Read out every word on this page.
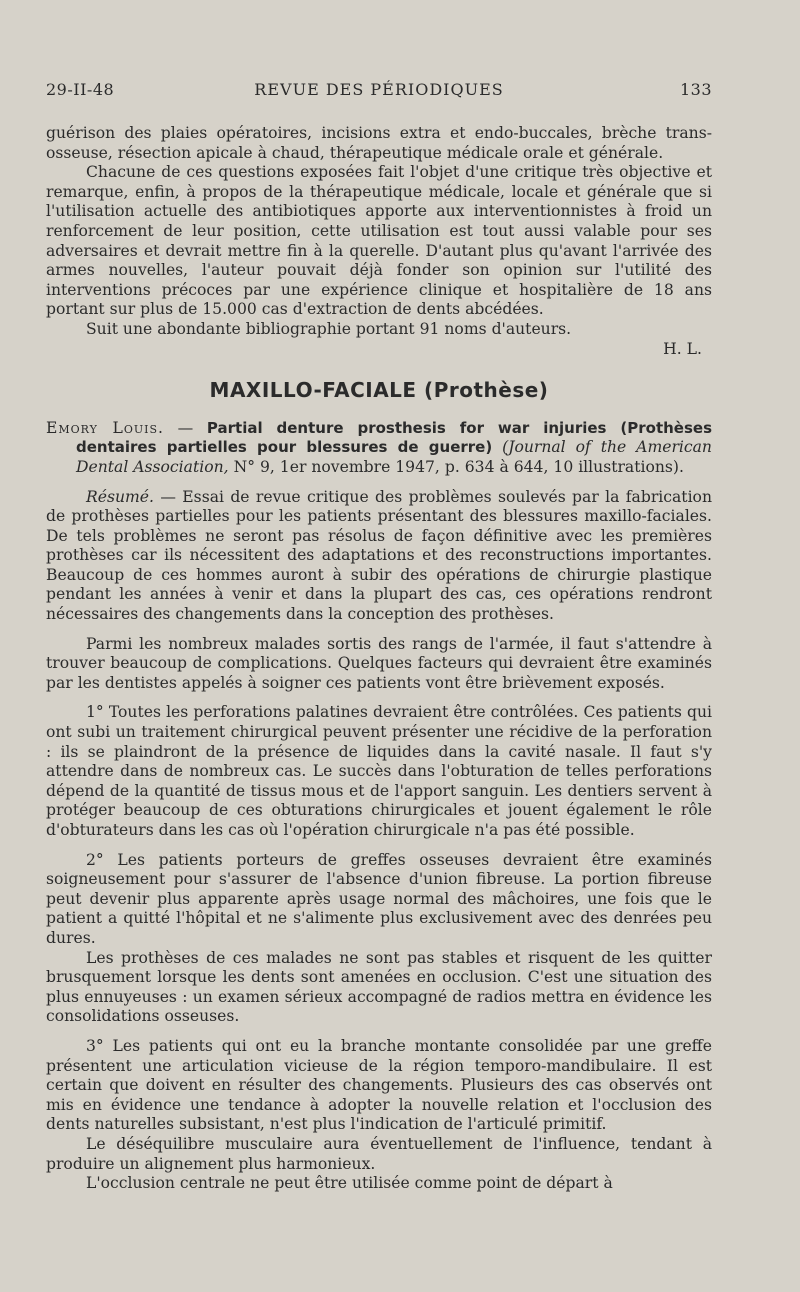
29-II-48	REVUE DES PÉRIODIQUES	133

guérison des plaies opératoires, incisions extra et endo-buccales, brèche trans-osseuse, résection apicale à chaud, thérapeutique médicale orale et générale.

Chacune de ces questions exposées fait l'objet d'une critique très objective et remarque, enfin, à propos de la thérapeutique médicale, locale et générale que si l'utilisation actuelle des antibiotiques apporte aux interventionnistes à froid un renforcement de leur position, cette utilisation est tout aussi valable pour ses adversaires et devrait mettre fin à la querelle. D'autant plus qu'avant l'arrivée des armes nouvelles, l'auteur pouvait déjà fonder son opinion sur l'utilité des interventions précoces par une expérience clinique et hospitalière de 18 ans portant sur plus de 15.000 cas d'extraction de dents abcédées.

Suit une abondante bibliographie portant 91 noms d'auteurs.

H. L.

MAXILLO-FACIALE (Prothèse)

Emory Louis. — Partial denture prosthesis for war injuries (Prothèses dentaires partielles pour blessures de guerre) (Journal of the American Dental Association, N° 9, 1er novembre 1947, p. 634 à 644, 10 illustrations).

Résumé. — Essai de revue critique des problèmes soulevés par la fabrication de prothèses partielles pour les patients présentant des blessures maxillo-faciales. De tels problèmes ne seront pas résolus de façon définitive avec les premières prothèses car ils nécessitent des adaptations et des reconstructions importantes. Beaucoup de ces hommes auront à subir des opérations de chirurgie plastique pendant les années à venir et dans la plupart des cas, ces opérations rendront nécessaires des changements dans la conception des prothèses.

Parmi les nombreux malades sortis des rangs de l'armée, il faut s'attendre à trouver beaucoup de complications. Quelques facteurs qui devraient être examinés par les dentistes appelés à soigner ces patients vont être brièvement exposés.

1° Toutes les perforations palatines devraient être contrôlées. Ces patients qui ont subi un traitement chirurgical peuvent présenter une récidive de la perforation : ils se plaindront de la présence de liquides dans la cavité nasale. Il faut s'y attendre dans de nombreux cas. Le succès dans l'obturation de telles perforations dépend de la quantité de tissus mous et de l'apport sanguin. Les dentiers servent à protéger beaucoup de ces obturations chirurgicales et jouent également le rôle d'obturateurs dans les cas où l'opération chirurgicale n'a pas été possible.

2° Les patients porteurs de greffes osseuses devraient être examinés soigneusement pour s'assurer de l'absence d'union fibreuse. La portion fibreuse peut devenir plus apparente après usage normal des mâchoires, une fois que le patient a quitté l'hôpital et ne s'alimente plus exclusivement avec des denrées peu dures.

Les prothèses de ces malades ne sont pas stables et risquent de les quitter brusquement lorsque les dents sont amenées en occlusion. C'est une situation des plus ennuyeuses : un examen sérieux accompagné de radios mettra en évidence les consolidations osseuses.

3° Les patients qui ont eu la branche montante consolidée par une greffe présentent une articulation vicieuse de la région temporo-mandibulaire. Il est certain que doivent en résulter des changements. Plusieurs des cas observés ont mis en évidence une tendance à adopter la nouvelle relation et l'occlusion des dents naturelles subsistant, n'est plus l'indication de l'articulé primitif.

Le déséquilibre musculaire aura éventuellement de l'influence, tendant à produire un alignement plus harmonieux.

L'occlusion centrale ne peut être utilisée comme point de départ à
